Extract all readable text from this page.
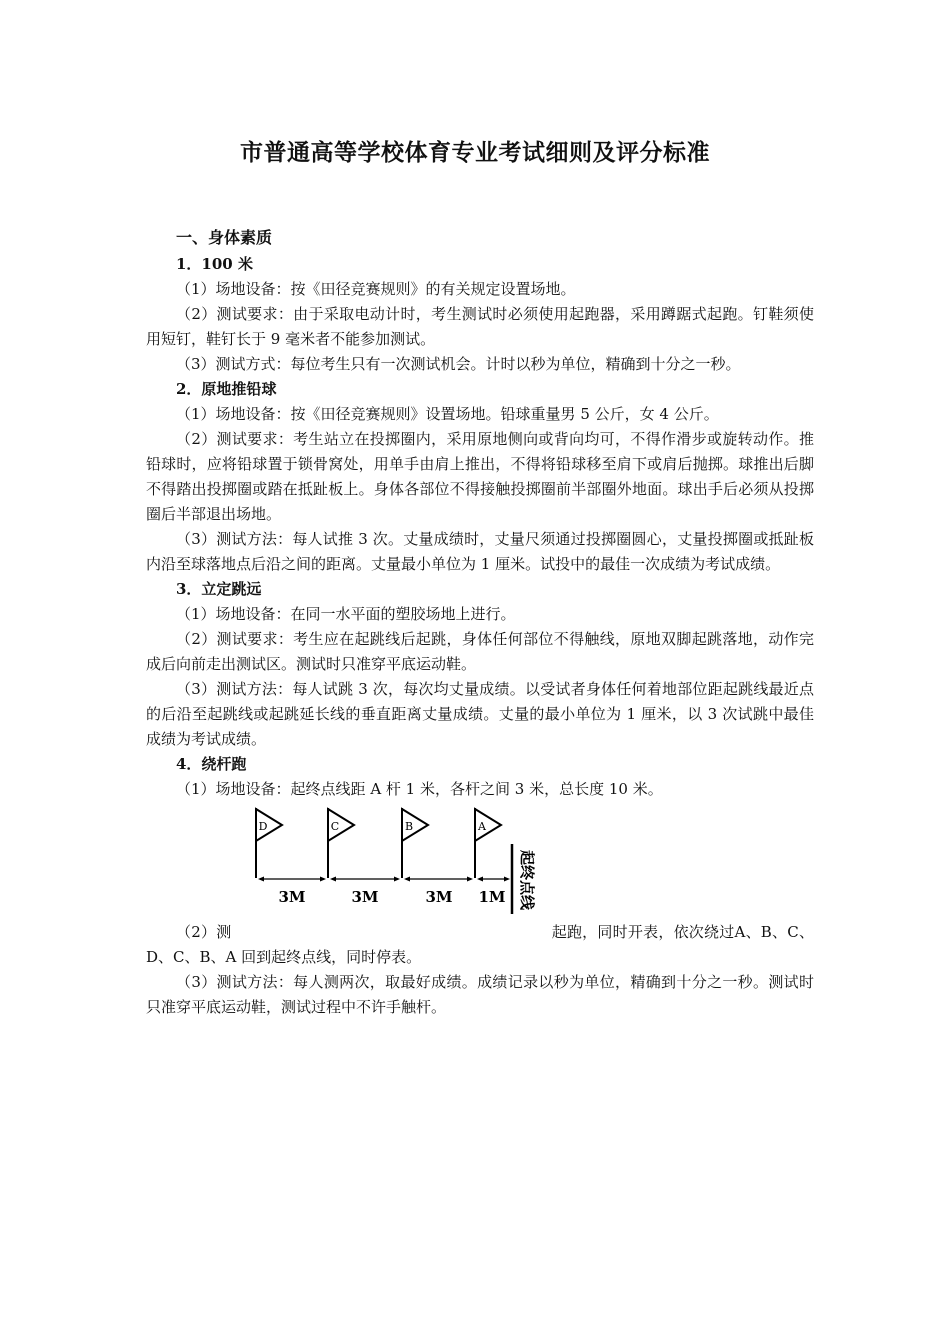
市普通高等学校体育专业考试细则及评分标准

一、身体素质

1．100 米

（1）场地设备：按《田径竞赛规则》的有关规定设置场地。

（2）测试要求：由于采取电动计时，考生测试时必须使用起跑器，采用蹲踞式起跑。钉鞋须使用短钉，鞋钉长于 9 毫米者不能参加测试。

（3）测试方式：每位考生只有一次测试机会。计时以秒为单位，精确到十分之一秒。

2．原地推铅球

（1）场地设备：按《田径竞赛规则》设置场地。铅球重量男 5 公斤，女 4 公斤。

（2）测试要求：考生站立在投掷圈内，采用原地侧向或背向均可，不得作滑步或旋转动作。推铅球时，应将铅球置于锁骨窝处，用单手由肩上推出，不得将铅球移至肩下或肩后抛掷。球推出后脚不得踏出投掷圈或踏在抵趾板上。身体各部位不得接触投掷圈前半部圈外地面。球出手后必须从投掷圈后半部退出场地。

（3）测试方法：每人试推 3 次。丈量成绩时，丈量尺须通过投掷圈圆心，丈量投掷圈或抵趾板内沿至球落地点后沿之间的距离。丈量最小单位为 1 厘米。试投中的最佳一次成绩为考试成绩。

3．立定跳远

（1）场地设备：在同一水平面的塑胶场地上进行。

（2）测试要求：考生应在起跳线后起跳，身体任何部位不得触线，原地双脚起跳落地，动作完成后向前走出测试区。测试时只准穿平底运动鞋。

（3）测试方法：每人试跳 3 次，每次均丈量成绩。以受试者身体任何着地部位距起跳线最近点的后沿至起跳线或起跳延长线的垂直距离丈量成绩。丈量的最小单位为 1 厘米，以 3 次试跳中最佳成绩为考试成绩。

4．绕杆跑

（1）场地设备：起终点线距 A 杆 1 米，各杆之间 3 米，总长度 10 米。

D	C	B	A
起终点线
3M	3M	3M 1M

（2）测	起跑，同时开表，依次绕过A、B、C、D、C、B、A 回到起终点线，同时停表。

（3）测试方法：每人测两次，取最好成绩。成绩记录以秒为单位，精确到十分之一秒。测试时只准穿平底运动鞋，测试过程中不许手触杆。
